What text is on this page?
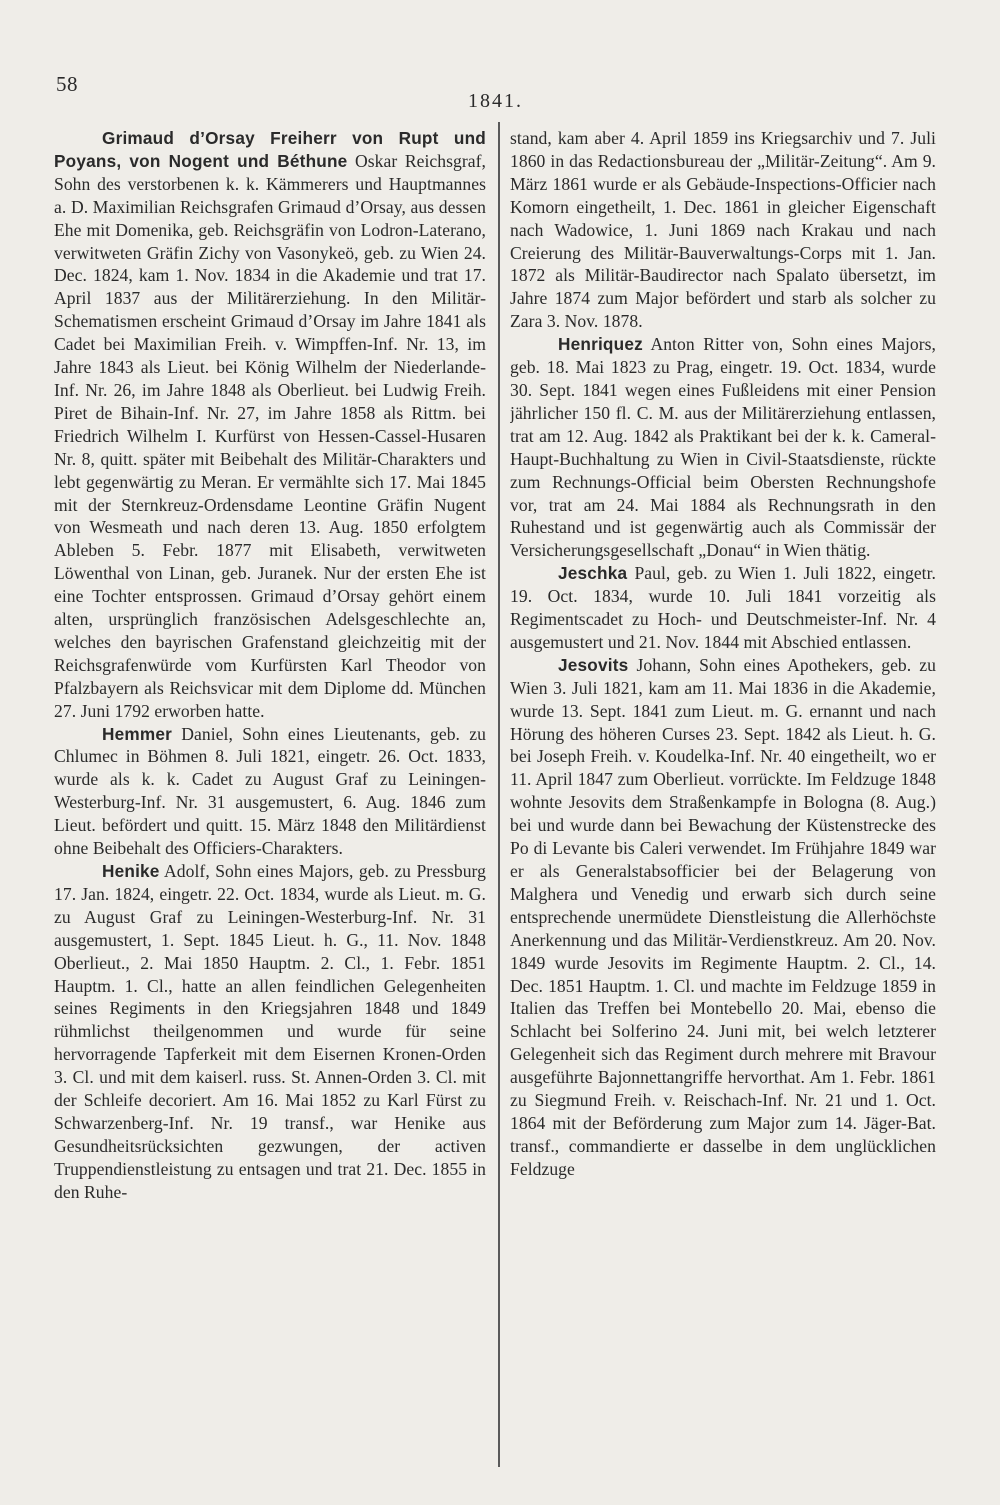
58
1841.

Grimaud d’Orsay Freiherr von Rupt und Poyans, von Nogent und Béthune Oskar Reichsgraf, Sohn des verstorbenen k. k. Kämmerers und Hauptmannes a. D. Maximilian Reichsgrafen Grimaud d’Orsay, aus dessen Ehe mit Domenika, geb. Reichsgräfin von Lodron-Laterano, verwitweten Gräfin Zichy von Vasonykeö, geb. zu Wien 24. Dec. 1824, kam 1. Nov. 1834 in die Akademie und trat 17. April 1837 aus der Militärerziehung. In den Militär-Schematismen erscheint Grimaud d’Orsay im Jahre 1841 als Cadet bei Maximilian Freih. v. Wimpffen-Inf. Nr. 13, im Jahre 1843 als Lieut. bei König Wilhelm der Niederlande-Inf. Nr. 26, im Jahre 1848 als Oberlieut. bei Ludwig Freih. Piret de Bihain-Inf. Nr. 27, im Jahre 1858 als Rittm. bei Friedrich Wilhelm I. Kurfürst von Hessen-Cassel-Husaren Nr. 8, quitt. später mit Beibehalt des Militär-Charakters und lebt gegenwärtig zu Meran. Er vermählte sich 17. Mai 1845 mit der Sternkreuz-Ordensdame Leontine Gräfin Nugent von Wesmeath und nach deren 13. Aug. 1850 erfolgtem Ableben 5. Febr. 1877 mit Elisabeth, verwitweten Löwenthal von Linan, geb. Juranek. Nur der ersten Ehe ist eine Tochter entsprossen. Grimaud d’Orsay gehört einem alten, ursprünglich französischen Adelsgeschlechte an, welches den bayrischen Grafenstand gleichzeitig mit der Reichsgrafenwürde vom Kurfürsten Karl Theodor von Pfalzbayern als Reichsvicar mit dem Diplome dd. München 27. Juni 1792 erworben hatte.

Hemmer Daniel, Sohn eines Lieutenants, geb. zu Chlumec in Böhmen 8. Juli 1821, eingetr. 26. Oct. 1833, wurde als k. k. Cadet zu August Graf zu Leiningen-Westerburg-Inf. Nr. 31 ausgemustert, 6. Aug. 1846 zum Lieut. befördert und quitt. 15. März 1848 den Militärdienst ohne Beibehalt des Officiers-Charakters.

Henike Adolf, Sohn eines Majors, geb. zu Pressburg 17. Jan. 1824, eingetr. 22. Oct. 1834, wurde als Lieut. m. G. zu August Graf zu Leiningen-Westerburg-Inf. Nr. 31 ausgemustert, 1. Sept. 1845 Lieut. h. G., 11. Nov. 1848 Oberlieut., 2. Mai 1850 Hauptm. 2. Cl., 1. Febr. 1851 Hauptm. 1. Cl., hatte an allen feindlichen Gelegenheiten seines Regiments in den Kriegsjahren 1848 und 1849 rühmlichst theilgenommen und wurde für seine hervorragende Tapferkeit mit dem Eisernen Kronen-Orden 3. Cl. und mit dem kaiserl. russ. St. Annen-Orden 3. Cl. mit der Schleife decoriert. Am 16. Mai 1852 zu Karl Fürst zu Schwarzenberg-Inf. Nr. 19 transf., war Henike aus Gesundheitsrücksichten gezwungen, der activen Truppendienstleistung zu entsagen und trat 21. Dec. 1855 in den Ruhe-

stand, kam aber 4. April 1859 ins Kriegsarchiv und 7. Juli 1860 in das Redactionsbureau der „Militär-Zeitung“. Am 9. März 1861 wurde er als Gebäude-Inspections-Officier nach Komorn eingetheilt, 1. Dec. 1861 in gleicher Eigenschaft nach Wadowice, 1. Juni 1869 nach Krakau und nach Creierung des Militär-Bauverwaltungs-Corps mit 1. Jan. 1872 als Militär-Baudirector nach Spalato übersetzt, im Jahre 1874 zum Major befördert und starb als solcher zu Zara 3. Nov. 1878.

Henriquez Anton Ritter von, Sohn eines Majors, geb. 18. Mai 1823 zu Prag, eingetr. 19. Oct. 1834, wurde 30. Sept. 1841 wegen eines Fußleidens mit einer Pension jährlicher 150 fl. C. M. aus der Militärerziehung entlassen, trat am 12. Aug. 1842 als Praktikant bei der k. k. Cameral-Haupt-Buchhaltung zu Wien in Civil-Staatsdienste, rückte zum Rechnungs-Official beim Obersten Rechnungshofe vor, trat am 24. Mai 1884 als Rechnungsrath in den Ruhestand und ist gegenwärtig auch als Commissär der Versicherungsgesellschaft „Donau“ in Wien thätig.

Jeschka Paul, geb. zu Wien 1. Juli 1822, eingetr. 19. Oct. 1834, wurde 10. Juli 1841 vorzeitig als Regimentscadet zu Hoch- und Deutschmeister-Inf. Nr. 4 ausgemustert und 21. Nov. 1844 mit Abschied entlassen.

Jesovits Johann, Sohn eines Apothekers, geb. zu Wien 3. Juli 1821, kam am 11. Mai 1836 in die Akademie, wurde 13. Sept. 1841 zum Lieut. m. G. ernannt und nach Hörung des höheren Curses 23. Sept. 1842 als Lieut. h. G. bei Joseph Freih. v. Koudelka-Inf. Nr. 40 eingetheilt, wo er 11. April 1847 zum Oberlieut. vorrückte. Im Feldzuge 1848 wohnte Jesovits dem Straßenkampfe in Bologna (8. Aug.) bei und wurde dann bei Bewachung der Küstenstrecke des Po di Levante bis Caleri verwendet. Im Frühjahre 1849 war er als Generalstabsofficier bei der Belagerung von Malghera und Venedig und erwarb sich durch seine entsprechende unermüdete Dienstleistung die Allerhöchste Anerkennung und das Militär-Verdienstkreuz. Am 20. Nov. 1849 wurde Jesovits im Regimente Hauptm. 2. Cl., 14. Dec. 1851 Hauptm. 1. Cl. und machte im Feldzuge 1859 in Italien das Treffen bei Montebello 20. Mai, ebenso die Schlacht bei Solferino 24. Juni mit, bei welch letzterer Gelegenheit sich das Regiment durch mehrere mit Bravour ausgeführte Bajonnettangriffe hervorthat. Am 1. Febr. 1861 zu Siegmund Freih. v. Reischach-Inf. Nr. 21 und 1. Oct. 1864 mit der Beförderung zum Major zum 14. Jäger-Bat. transf., commandierte er dasselbe in dem unglücklichen Feldzuge
